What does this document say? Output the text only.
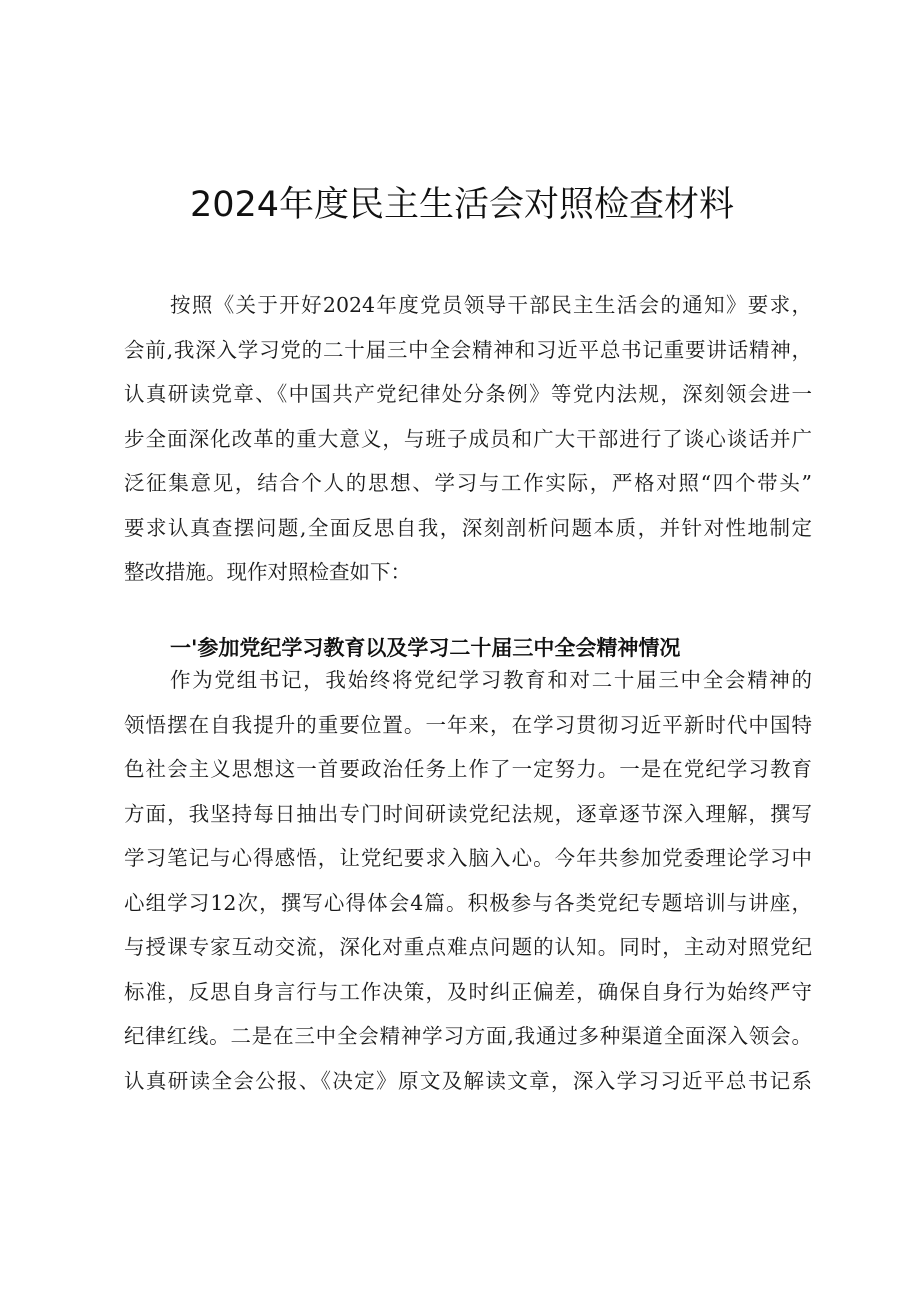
2024年度民主生活会对照检查材料
按照《关于开好2024年度党员领导干部民主生活会的通知》要求，
会前,我深入学习党的二十届三中全会精神和习近平总书记重要讲话精神，
认真研读党章、《中国共产党纪律处分条例》等党内法规，深刻领会进一
步全面深化改革的重大意义，与班子成员和广大干部进行了谈心谈话并广
泛征集意见，结合个人的思想、学习与工作实际，严格对照“四个带头”
要求认真查摆问题,全面反思自我，深刻剖析问题本质，并针对性地制定
整改措施。现作对照检查如下：
一'参加党纪学习教育以及学习二十届三中全会精神情况
作为党组书记，我始终将党纪学习教育和对二十届三中全会精神的
领悟摆在自我提升的重要位置。一年来，在学习贯彻习近平新时代中国特
色社会主义思想这一首要政治任务上作了一定努力。一是在党纪学习教育
方面，我坚持每日抽出专门时间研读党纪法规，逐章逐节深入理解，撰写
学习笔记与心得感悟，让党纪要求入脑入心。今年共参加党委理论学习中
心组学习12次，撰写心得体会4篇。积极参与各类党纪专题培训与讲座，
与授课专家互动交流，深化对重点难点问题的认知。同时，主动对照党纪
标准，反思自身言行与工作决策，及时纠正偏差，确保自身行为始终严守
纪律红线。二是在三中全会精神学习方面,我通过多种渠道全面深入领会。
认真研读全会公报、《决定》原文及解读文章，深入学习习近平总书记系
